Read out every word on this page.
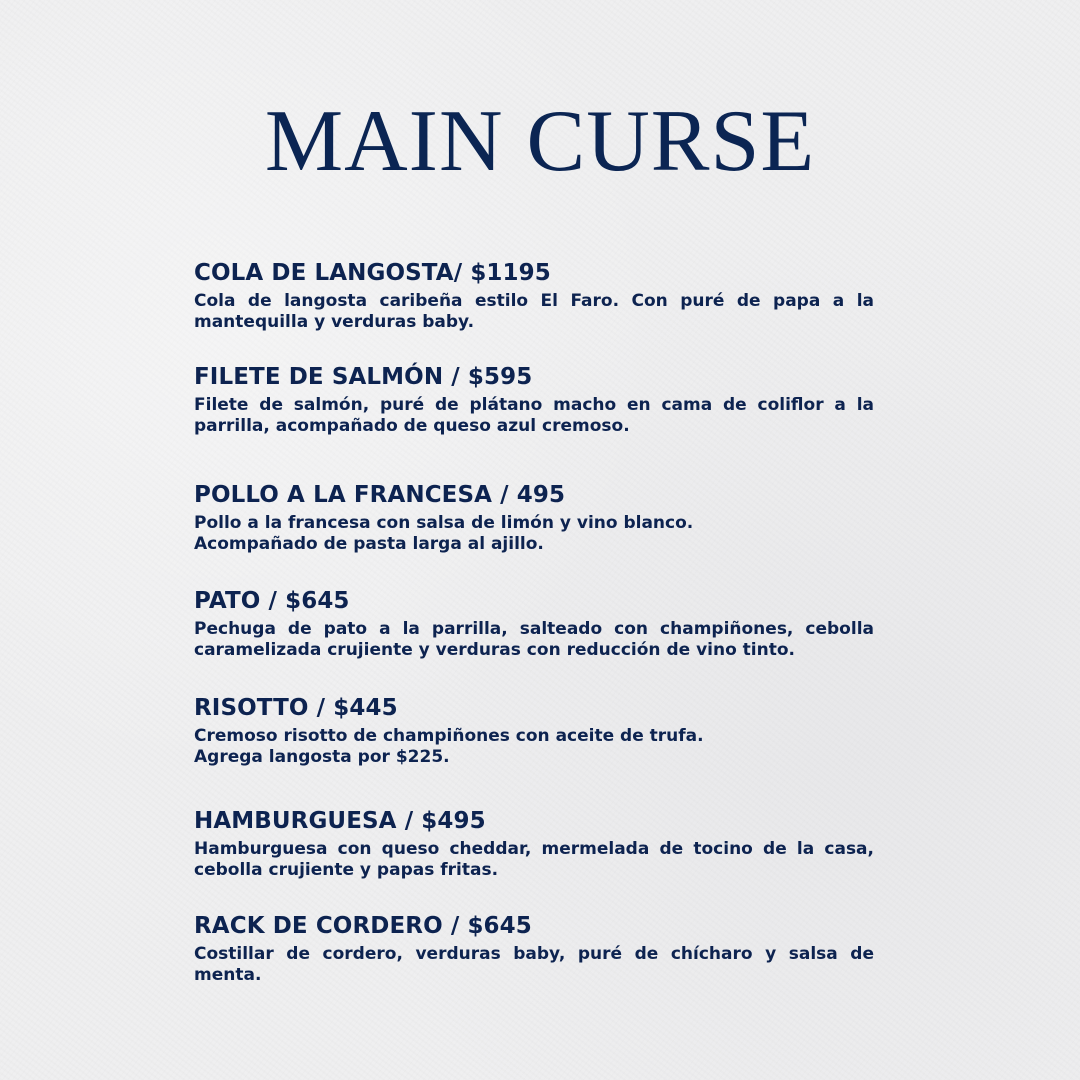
MAIN CURSE
COLA DE LANGOSTA/ $1195
Cola de langosta caribeña estilo El Faro. Con puré de papa a la mantequilla y verduras baby.
FILETE DE SALMÓN / $595
Filete de salmón, puré de plátano macho en cama de coliflor a la parrilla, acompañado de queso azul cremoso.
POLLO A LA FRANCESA / 495
Pollo a la francesa con salsa de limón y vino blanco.
Acompañado de pasta larga al ajillo.
PATO / $645
Pechuga de pato a la parrilla, salteado con champiñones, cebolla caramelizada crujiente y verduras con reducción de vino tinto.
RISOTTO / $445
Cremoso risotto de champiñones con aceite de trufa.
Agrega langosta por $225.
HAMBURGUESA / $495
Hamburguesa con queso cheddar, mermelada de tocino de la casa, cebolla crujiente y papas fritas.
RACK DE CORDERO / $645
Costillar de cordero, verduras baby, puré de chícharo y salsa de menta.
